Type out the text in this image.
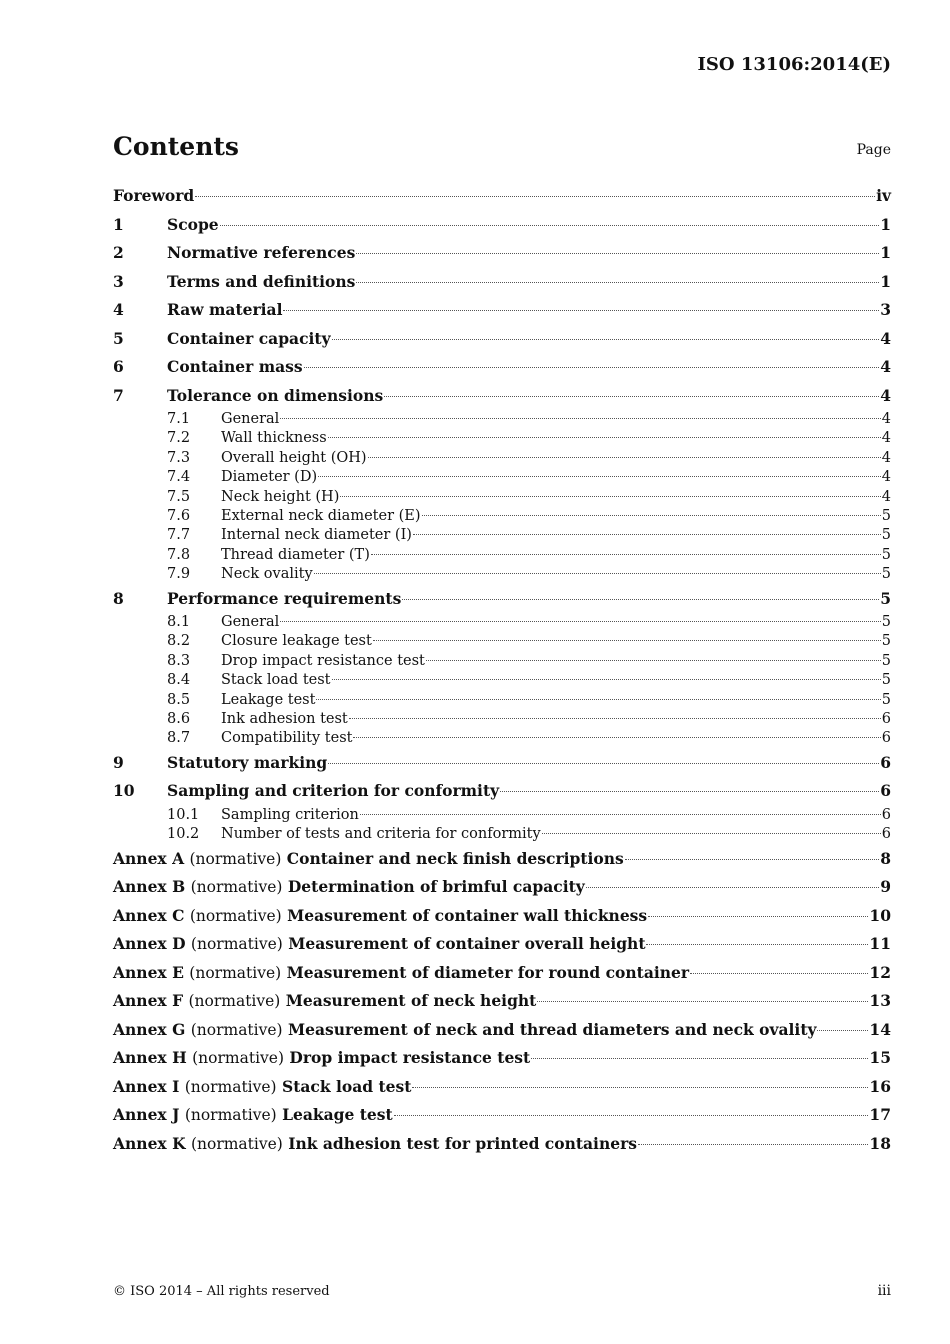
ISO 13106:2014(E)
Contents	Page
Foreword	iv
1	Scope	1
2	Normative references	1
3	Terms and definitions	1
4	Raw material	3
5	Container capacity	4
6	Container mass	4
7	Tolerance on dimensions	4
7.1	General	4
7.2	Wall thickness	4
7.3	Overall height (OH)	4
7.4	Diameter (D)	4
7.5	Neck height (H)	4
7.6	External neck diameter (E)	5
7.7	Internal neck diameter (I)	5
7.8	Thread diameter (T)	5
7.9	Neck ovality	5
8	Performance requirements	5
8.1	General	5
8.2	Closure leakage test	5
8.3	Drop impact resistance test	5
8.4	Stack load test	5
8.5	Leakage test	5
8.6	Ink adhesion test	6
8.7	Compatibility test	6
9	Statutory marking	6
10	Sampling and criterion for conformity	6
10.1	Sampling criterion	6
10.2	Number of tests and criteria for conformity	6
Annex A (normative) Container and neck finish descriptions	8
Annex B (normative) Determination of brimful capacity	9
Annex C (normative) Measurement of container wall thickness	10
Annex D (normative) Measurement of container overall height	11
Annex E (normative) Measurement of diameter for round container	12
Annex F (normative) Measurement of neck height	13
Annex G (normative) Measurement of neck and thread diameters and neck ovality	14
Annex H (normative) Drop impact resistance test	15
Annex I (normative) Stack load test	16
Annex J (normative) Leakage test	17
Annex K (normative) Ink adhesion test for printed containers	18
© ISO 2014 – All rights reserved	iii
